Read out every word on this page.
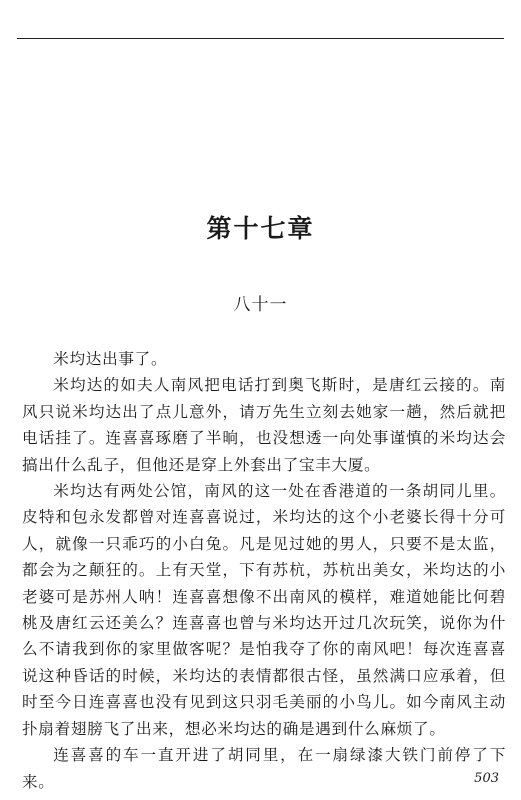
第十七章
八十一

米均达出事了。

米均达的如夫人南风把电话打到奥飞斯时，是唐红云接的。南风只说米均达出了点儿意外，请万先生立刻去她家一趟，然后就把电话挂了。连喜喜琢磨了半晌，也没想透一向处事谨慎的米均达会搞出什么乱子，但他还是穿上外套出了宝丰大厦。

米均达有两处公馆，南风的这一处在香港道的一条胡同儿里。皮特和包永发都曾对连喜喜说过，米均达的这个小老婆长得十分可人，就像一只乖巧的小白兔。凡是见过她的男人，只要不是太监，都会为之颠狂的。上有天堂，下有苏杭，苏杭出美女，米均达的小老婆可是苏州人呐！连喜喜想像不出南风的模样，难道她能比何碧桃及唐红云还美么？连喜喜也曾与米均达开过几次玩笑，说你为什么不请我到你的家里做客呢？是怕我夺了你的南风吧！每次连喜喜说这种昏话的时候，米均达的表情都很古怪，虽然满口应承着，但时至今日连喜喜也没有见到这只羽毛美丽的小鸟儿。如今南风主动扑扇着翅膀飞了出来，想必米均达的确是遇到什么麻烦了。

连喜喜的车一直开进了胡同里，在一扇绿漆大铁门前停了下来。	503
